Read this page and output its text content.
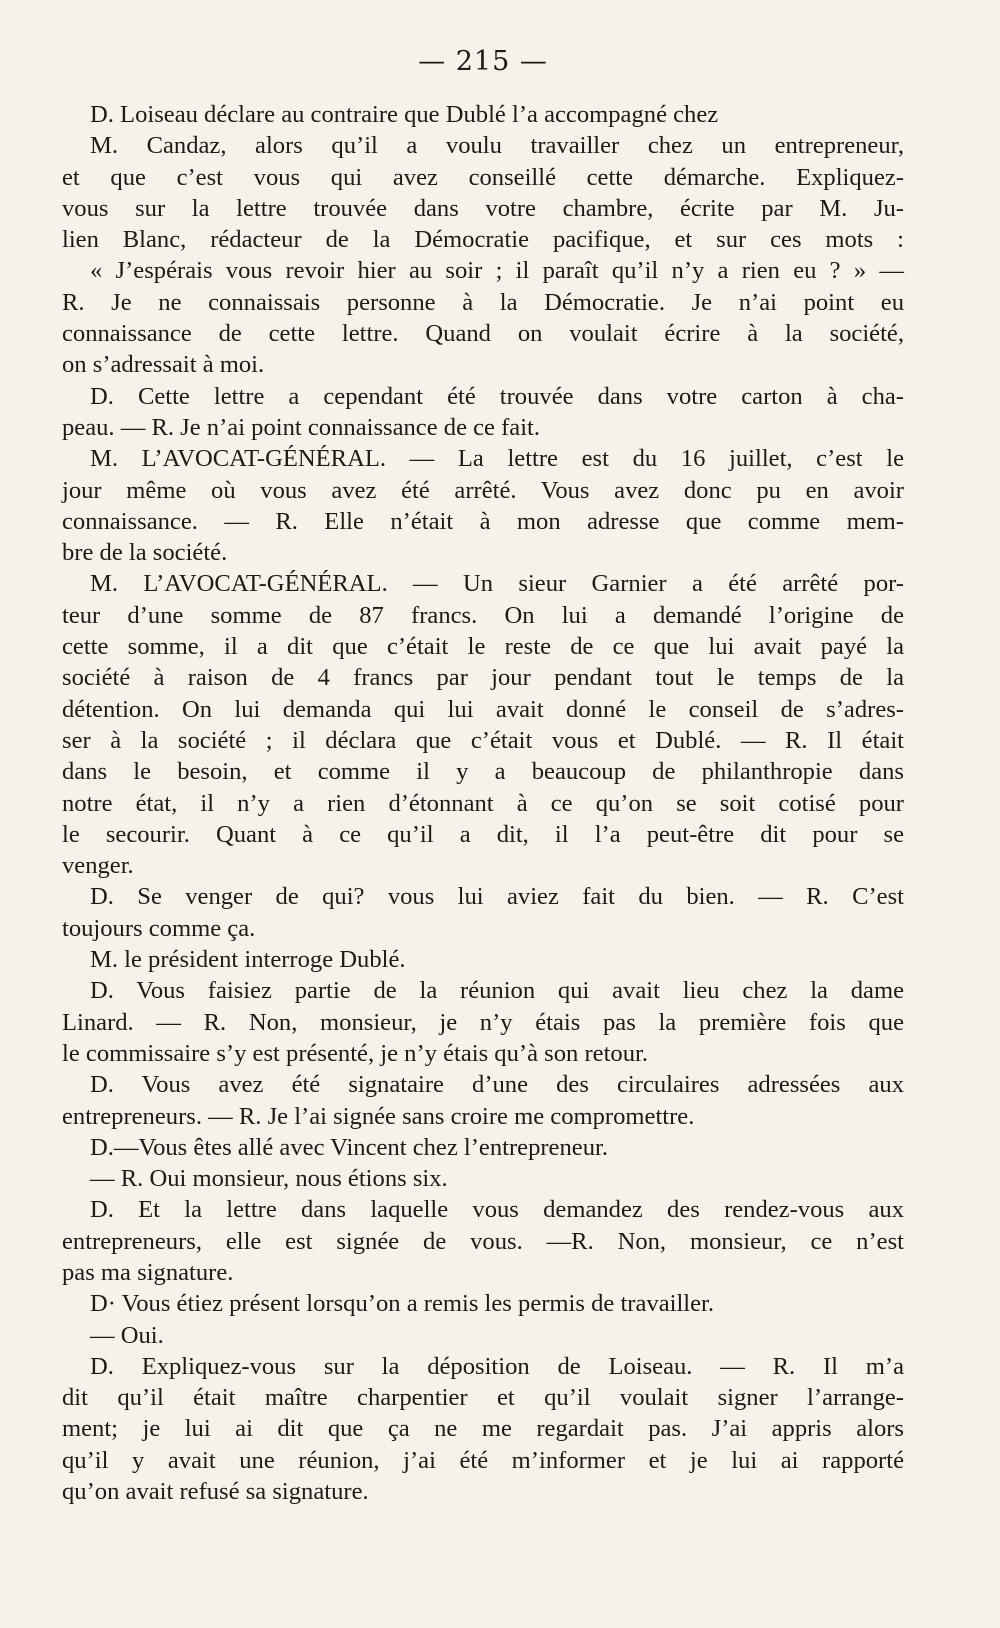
— 215 —
D. Loiseau déclare au contraire que Dublé l’a accompagné chez
M. Candaz, alors qu’il a voulu travailler chez un entrepreneur,
et que c’est vous qui avez conseillé cette démarche. Expliquez-
vous sur la lettre trouvée dans votre chambre, écrite par M. Ju-
lien Blanc, rédacteur de la Démocratie pacifique, et sur ces mots :
« J’espérais vous revoir hier au soir ; il paraît qu’il n’y a rien eu ? » —
R. Je ne connaissais personne à la Démocratie. Je n’ai point eu
connaissance de cette lettre. Quand on voulait écrire à la société,
on s’adressait à moi.
D. Cette lettre a cependant été trouvée dans votre carton à cha-
peau. — R. Je n’ai point connaissance de ce fait.
M. L’AVOCAT-GÉNÉRAL. — La lettre est du 16 juillet, c’est le
jour même où vous avez été arrêté. Vous avez donc pu en avoir
connaissance. — R. Elle n’était à mon adresse que comme mem-
bre de la société.
M. L’AVOCAT-GÉNÉRAL. — Un sieur Garnier a été arrêté por-
teur d’une somme de 87 francs. On lui a demandé l’origine de
cette somme, il a dit que c’était le reste de ce que lui avait payé la
société à raison de 4 francs par jour pendant tout le temps de la
détention. On lui demanda qui lui avait donné le conseil de s’adres-
ser à la société ; il déclara que c’était vous et Dublé. — R. Il était
dans le besoin, et comme il y a beaucoup de philanthropie dans
notre état, il n’y a rien d’étonnant à ce qu’on se soit cotisé pour
le secourir. Quant à ce qu’il a dit, il l’a peut-être dit pour se
venger.
D. Se venger de qui? vous lui aviez fait du bien. — R. C’est
toujours comme ça.
M. le président interroge Dublé.
D. Vous faisiez partie de la réunion qui avait lieu chez la dame
Linard. — R. Non, monsieur, je n’y étais pas la première fois que
le commissaire s’y est présenté, je n’y étais qu’à son retour.
D. Vous avez été signataire d’une des circulaires adressées aux
entrepreneurs. — R. Je l’ai signée sans croire me compromettre.
D.—Vous êtes allé avec Vincent chez l’entrepreneur.
— R. Oui monsieur, nous étions six.
D. Et la lettre dans laquelle vous demandez des rendez-vous aux
entrepreneurs, elle est signée de vous. —R. Non, monsieur, ce n’est
pas ma signature.
D· Vous étiez présent lorsqu’on a remis les permis de travailler.
— Oui.
D. Expliquez-vous sur la déposition de Loiseau. — R. Il m’a
dit qu’il était maître charpentier et qu’il voulait signer l’arrange-
ment; je lui ai dit que ça ne me regardait pas. J’ai appris alors
qu’il y avait une réunion, j’ai été m’informer et je lui ai rapporté
qu’on avait refusé sa signature.
